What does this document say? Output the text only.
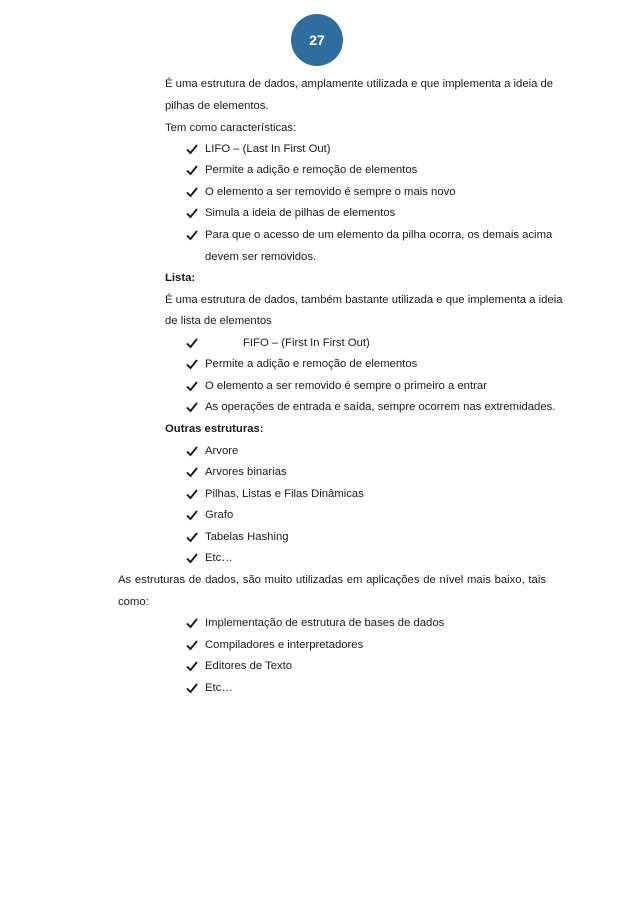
27
É uma estrutura de dados, amplamente utilizada e que implementa a ideia de
pilhas de elementos.
Tem como características:
LIFO – (Last In First Out)
Permite a adição e remoção de elementos
O elemento a ser removido é sempre o mais novo
Simula a ideia de pilhas de elementos
Para que o acesso de um elemento da pilha ocorra, os demais acima
devem ser removidos.
Lista:
É uma estrutura de dados, também bastante utilizada e que implementa a ideia
de lista de elementos
FIFO – (First In First Out)
Permite a adição e remoção de elementos
O elemento a ser removido é sempre o primeiro a entrar
As operações de entrada e saída, sempre ocorrem nas extremidades.
Outras estruturas:
Arvore
Arvores binarias
Pilhas, Listas e Filas Dinâmicas
Grafo
Tabelas Hashing
Etc…
As estruturas de dados, são muito utilizadas em aplicações de nível mais baixo, tais
como:
Implementação de estrutura de bases de dados
Compiladores e interpretadores
Editores de Texto
Etc…
